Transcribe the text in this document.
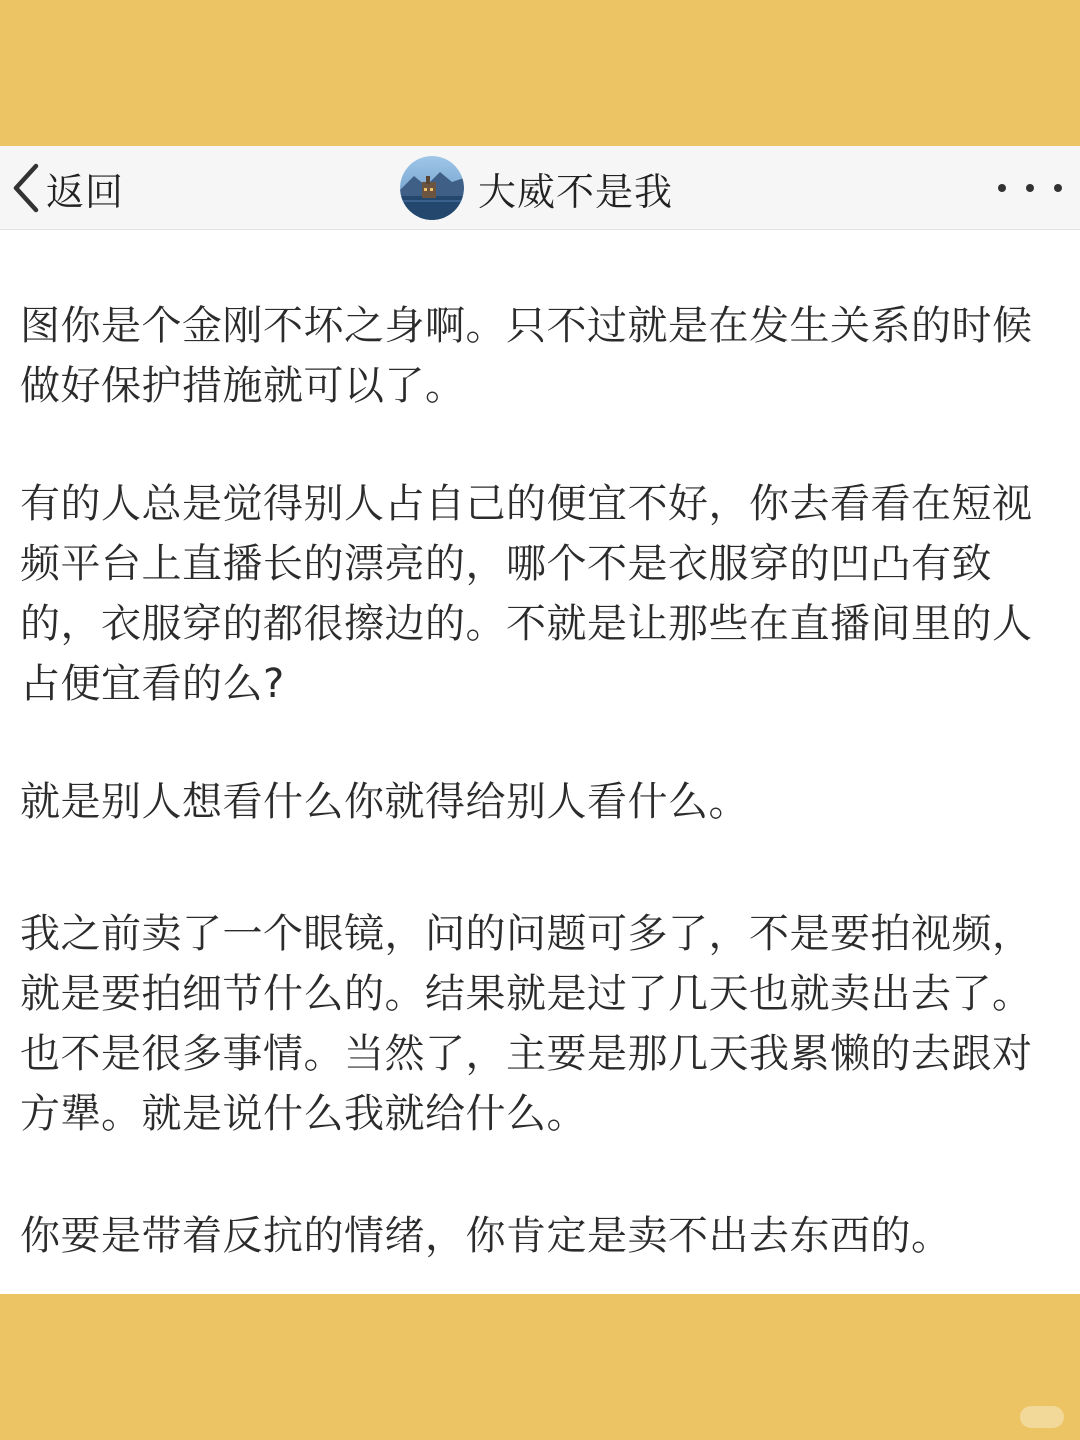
返回	大威不是我

图你是个金刚不坏之身啊。只不过就是在发生关系的时候做好保护措施就可以了。

有的人总是觉得别人占自己的便宜不好，你去看看在短视频平台上直播长的漂亮的，哪个不是衣服穿的凹凸有致的，衣服穿的都很擦边的。不就是让那些在直播间里的人占便宜看的么?

就是别人想看什么你就得给别人看什么。

我之前卖了一个眼镜，问的问题可多了，不是要拍视频，就是要拍细节什么的。结果就是过了几天也就卖出去了。也不是很多事情。当然了，主要是那几天我累懒的去跟对方犟。就是说什么我就给什么。

你要是带着反抗的情绪，你肯定是卖不出去东西的。
